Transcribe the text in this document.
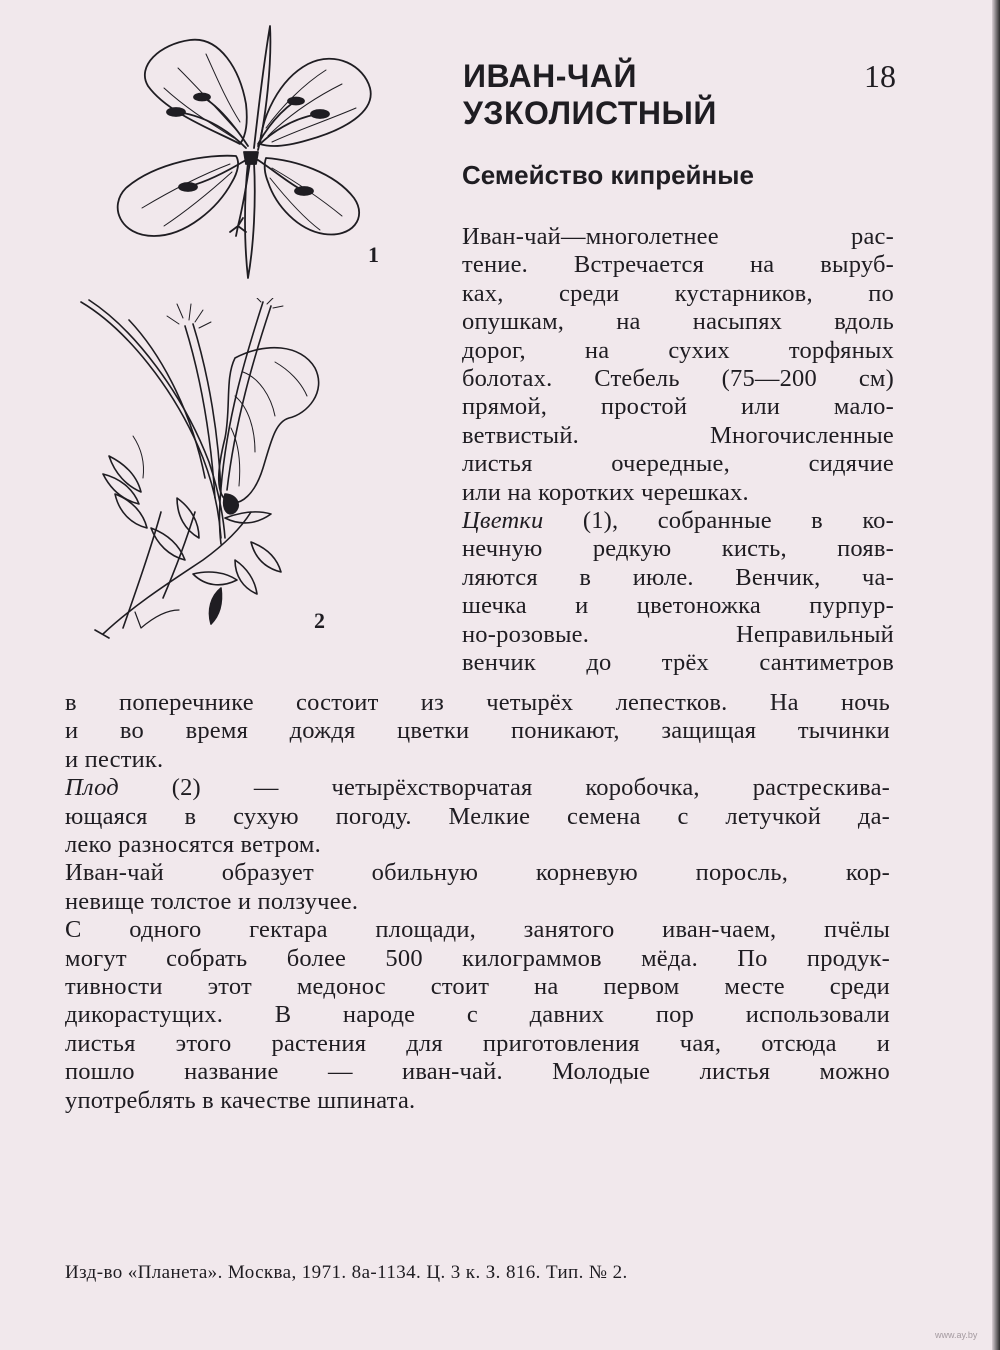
1
2
ИВАН-ЧАЙ
УЗКОЛИСТНЫЙ
18
Семейство кипрейные
Иван-чай—многолетнее рас-
тение. Встречается на выруб-
ках, среди кустарников, по
опушкам, на насыпях вдоль
дорог, на сухих торфяных
болотах. Стебель (75—200 см)
прямой, простой или мало-
ветвистый. Многочисленные
листья очередные, сидячие
или на коротких черешках.
Цветки (1), собранные в ко-
нечную редкую кисть, появ-
ляются в июле. Венчик, ча-
шечка и цветоножка пурпур-
но-розовые. Неправильный
венчик до трёх сантиметров
в поперечнике состоит из четырёх лепестков. На ночь
и во время дождя цветки поникают, защищая тычинки
и пестик.
Плод (2) — четырёхстворчатая коробочка, растрескива-
ющаяся в сухую погоду. Мелкие семена с летучкой да-
леко разносятся ветром.
Иван-чай образует обильную корневую поросль, кор-
невище толстое и ползучее.
С одного гектара площади, занятого иван-чаем, пчёлы
могут собрать более 500 килограммов мёда. По продук-
тивности этот медонос стоит на первом месте среди
дикорастущих. В народе с давних пор использовали
листья этого растения для приготовления чая, отсюда и
пошло название — иван-чай. Молодые листья можно
употреблять в качестве шпината.
Изд-во «Планета». Москва, 1971. 8а-1134. Ц. 3 к. З. 816. Тип. № 2.
www.ay.by
